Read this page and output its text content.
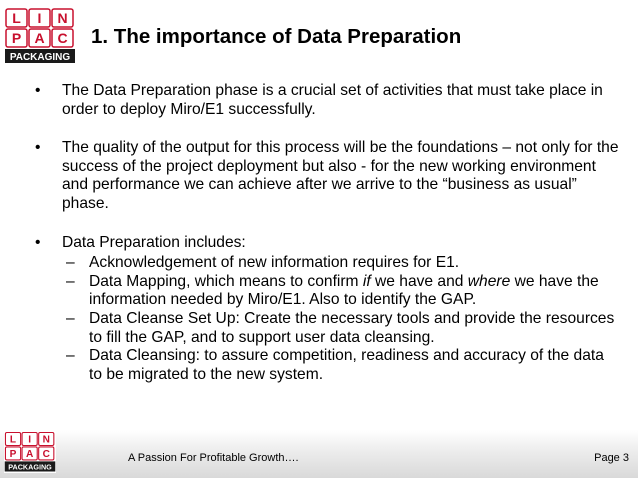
L I N
P A C
PACKAGING
1. The importance of Data Preparation
• The Data Preparation phase is a crucial set of activities that must take place in order to deploy Miro/E1 successfully.
• The quality of the output for this process will be the foundations – not only for the success of the project deployment but also - for the new working environment and performance we can achieve after we arrive to the “business as usual” phase.
• Data Preparation includes:
– Acknowledgement of new information requires for E1.
– Data Mapping, which means to confirm if we have and where we have the information needed by Miro/E1. Also to identify the GAP.
– Data Cleanse Set Up: Create the necessary tools and provide the resources to fill the GAP, and to support user data cleansing.
– Data Cleansing: to assure competition, readiness and accuracy of the data to be migrated to the new system.
L I N
P A C
PACKAGING
A Passion For Profitable Growth….	Page 3
